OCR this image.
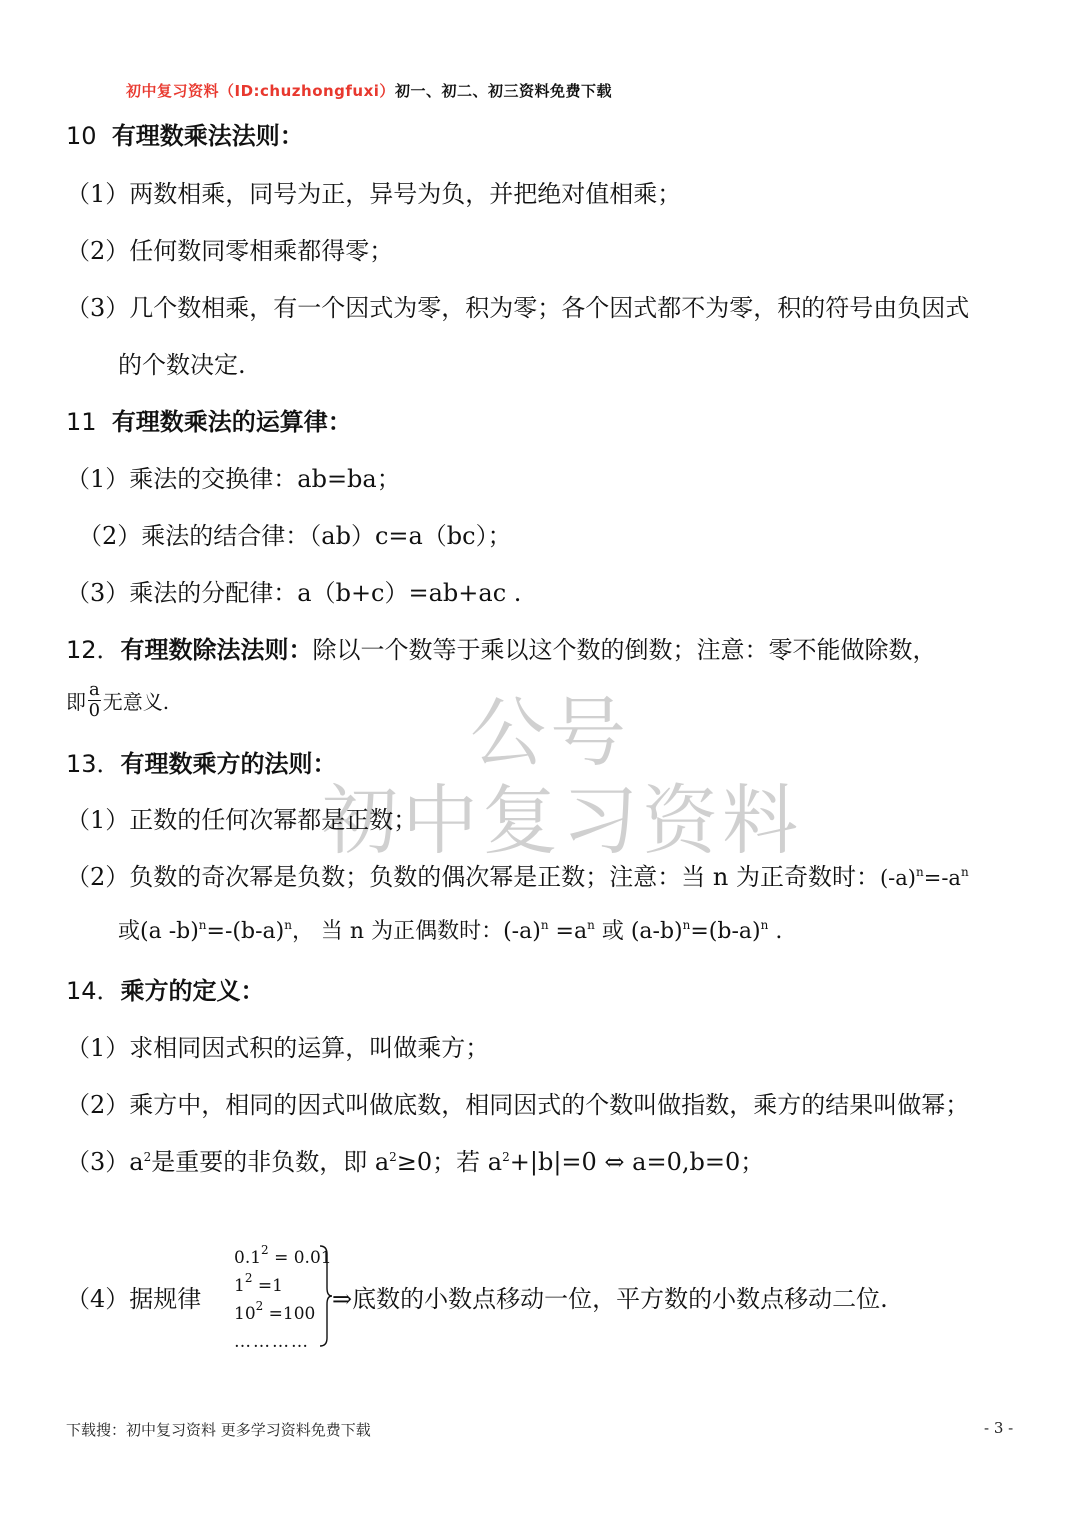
初中复习资料（ID:chuzhongfuxi）初一、初二、初三资料免费下载
公号
初中复习资料
10 有理数乘法法则：
（1）两数相乘，同号为正，异号为负，并把绝对值相乘；
（2）任何数同零相乘都得零；
（3）几个数相乘，有一个因式为零，积为零；各个因式都不为零，积的符号由负因式
的个数决定.
11 有理数乘法的运算律：
（1）乘法的交换律：ab=ba；
（2）乘法的结合律：（ab）c=a（bc）；
（3）乘法的分配律：a（b+c）=ab+ac .
12．有理数除法法则：除以一个数等于乘以这个数的倒数；注意：零不能做除数，
即 $\frac{a}{0}$ 无意义.
13．有理数乘方的法则：
（1）正数的任何次幂都是正数；
（2）负数的奇次幂是负数；负数的偶次幂是正数；注意：当 n 为正奇数时：$(-a)^n=-a^n$
或(a $-b)^n=-(b-a)^n$， 当 n 为正偶数时：$(-a)^n =a^n$ 或 $(a-b)^n=(b-a)^n$ .
14．乘方的定义：
（1）求相同因式积的运算，叫做乘方；
（2）乘方中，相同的因式叫做底数，相同因式的个数叫做指数，乘方的结果叫做幂；
$(3)a^2$是重要的非负数，即 $a^2\ge 0$；若 $a^2+|b|=0$ ⇔ a=0,b=0；
（4）据规律
$0.1^2 = 0.01$
$1^2 =1$
$10^2 =100$
…………
⇒底数的小数点移动一位，平方数的小数点移动二位.
下载搜：初中复习资料 更多学习资料免费下载	- 3 -
